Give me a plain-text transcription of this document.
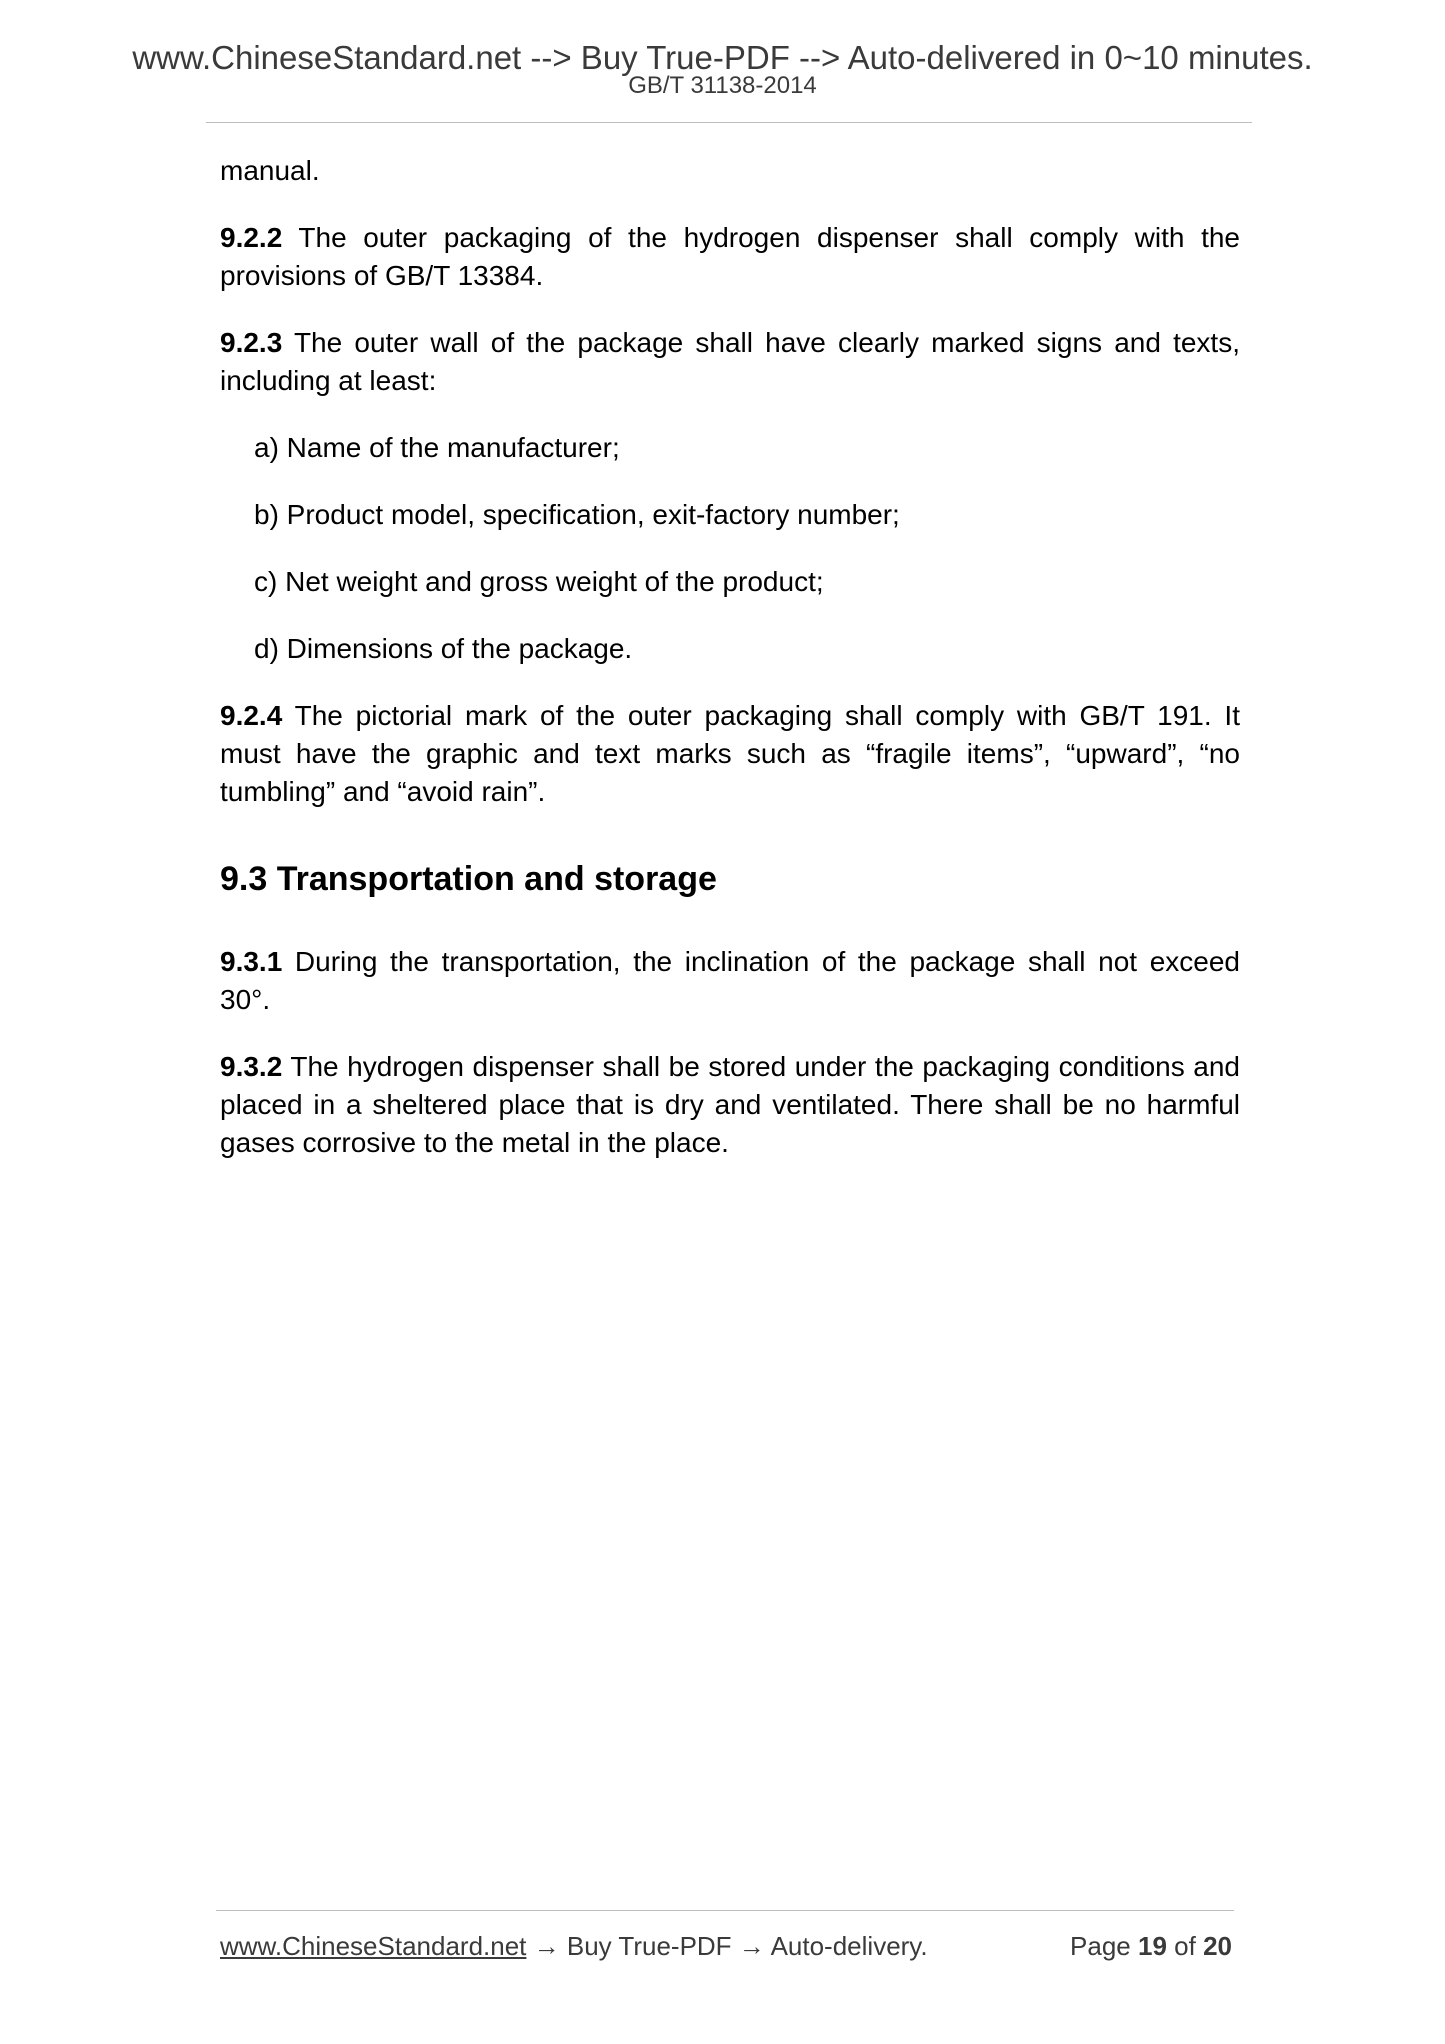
www.ChineseStandard.net --> Buy True-PDF --> Auto-delivered in 0~10 minutes.
GB/T 31138-2014

manual.

9.2.2 The outer packaging of the hydrogen dispenser shall comply with the provisions of GB/T 13384.

9.2.3 The outer wall of the package shall have clearly marked signs and texts, including at least:

a) Name of the manufacturer;

b) Product model, specification, exit-factory number;

c) Net weight and gross weight of the product;

d) Dimensions of the package.

9.2.4 The pictorial mark of the outer packaging shall comply with GB/T 191. It must have the graphic and text marks such as “fragile items”, “upward”, “no tumbling” and “avoid rain”.

9.3 Transportation and storage

9.3.1 During the transportation, the inclination of the package shall not exceed 30°.

9.3.2 The hydrogen dispenser shall be stored under the packaging conditions and placed in a sheltered place that is dry and ventilated. There shall be no harmful gases corrosive to the metal in the place.

www.ChineseStandard.net → Buy True-PDF → Auto-delivery.	Page 19 of 20
